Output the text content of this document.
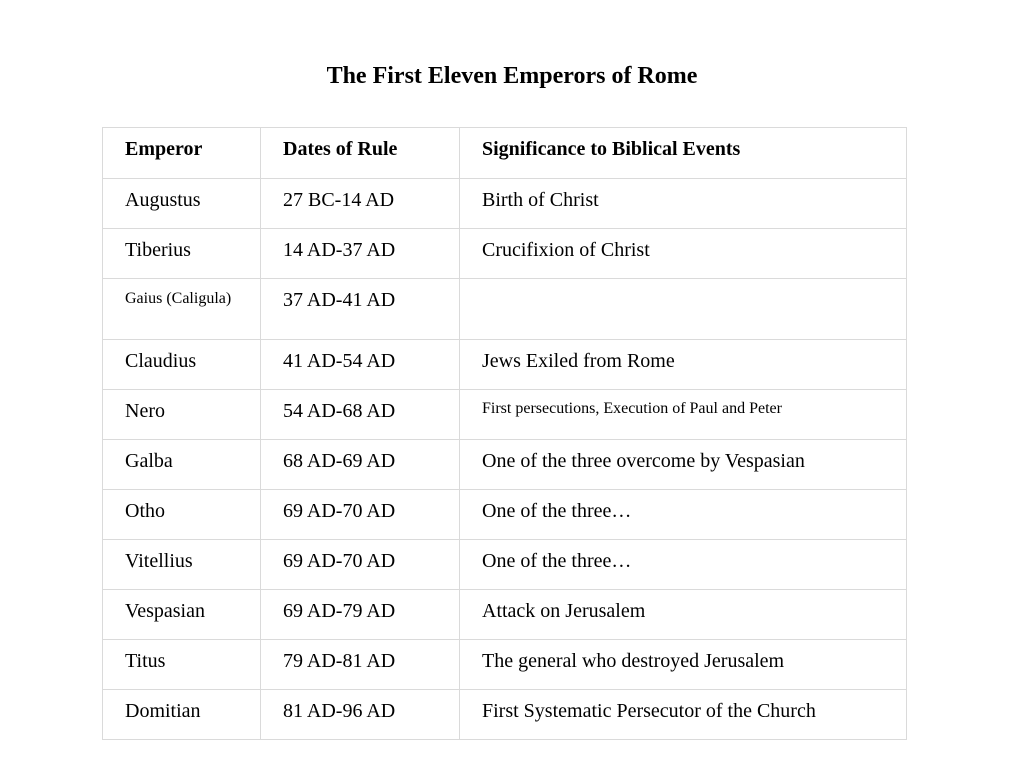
The First Eleven Emperors of Rome
Emperor	Dates of Rule	Significance to Biblical Events
Augustus	27 BC-14 AD	Birth of Christ
Tiberius	14 AD-37 AD	Crucifixion of Christ
Gaius (Caligula)	37 AD-41 AD	
Claudius	41 AD-54 AD	Jews Exiled from Rome
Nero	54 AD-68 AD	First persecutions, Execution of Paul and Peter
Galba	68 AD-69 AD	One of the three overcome by Vespasian
Otho	69 AD-70 AD	One of the three…
Vitellius	69 AD-70 AD	One of the three…
Vespasian	69 AD-79 AD	Attack on Jerusalem
Titus	79 AD-81 AD	The general who destroyed Jerusalem
Domitian	81 AD-96 AD	First Systematic Persecutor of the Church
